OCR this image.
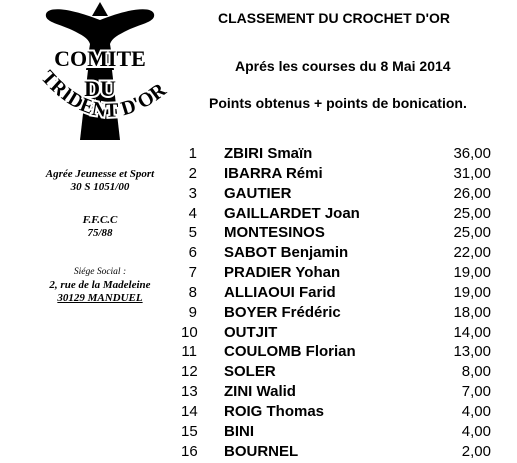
COMITE
DU
TRIDENT D'OR
Agrée Jeunesse et Sport
30 S 1051/00
F.F.C.C
75/88
Siége Social :
2, rue de la Madeleine
30129 MANDUEL
CLASSEMENT DU CROCHET D'OR
Aprés les courses du 8 Mai 2014
Points obtenus + points de bonication.
1 ZBIRI Smaïn	36,00
2 IBARRA Rémi	31,00
3 GAUTIER	26,00
4 GAILLARDET Joan	25,00
5 MONTESINOS	25,00
6 SABOT Benjamin	22,00
7 PRADIER Yohan	19,00
8 ALLIAOUI Farid	19,00
9 BOYER Frédéric	18,00
10 OUTJIT	14,00
11 COULOMB Florian	13,00
12 SOLER	8,00
13 ZINI Walid	7,00
14 ROIG Thomas	4,00
15 BINI	4,00
16 BOURNEL	2,00
